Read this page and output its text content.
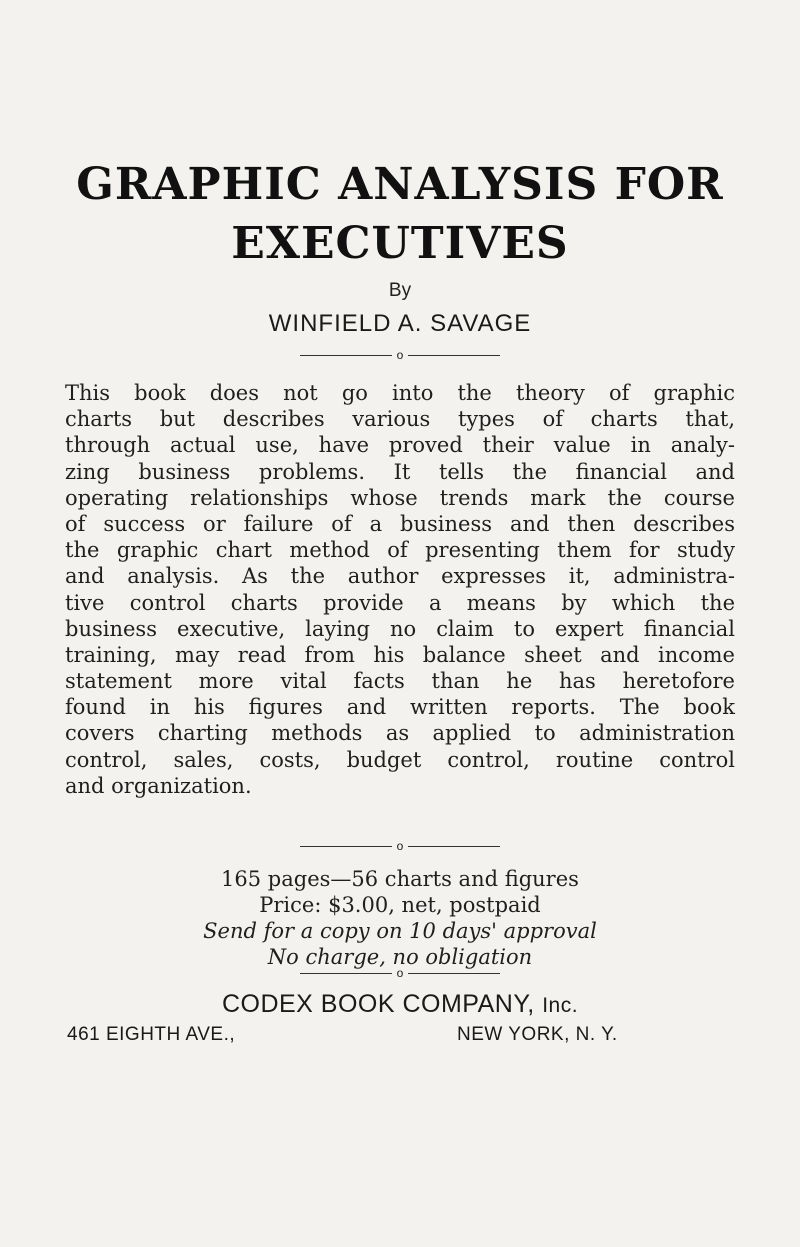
GRAPHIC ANALYSIS FOR
EXECUTIVES
By
WINFIELD A. SAVAGE
o
This book does not go into the theory of graphic
charts but describes various types of charts that,
through actual use, have proved their value in analy-
zing business problems. It tells the financial and
operating relationships whose trends mark the course
of success or failure of a business and then describes
the graphic chart method of presenting them for study
and analysis. As the author expresses it, administra-
tive control charts provide a means by which the
business executive, laying no claim to expert financial
training, may read from his balance sheet and income
statement more vital facts than he has heretofore
found in his figures and written reports. The book
covers charting methods as applied to administration
control, sales, costs, budget control, routine control
and organization.
o
165 pages—56 charts and figures
Price: $3.00, net, postpaid
Send for a copy on 10 days' approval
No charge, no obligation
o
CODEX BOOK COMPANY, Inc.
461 EIGHTH AVE.,	NEW YORK, N. Y.
